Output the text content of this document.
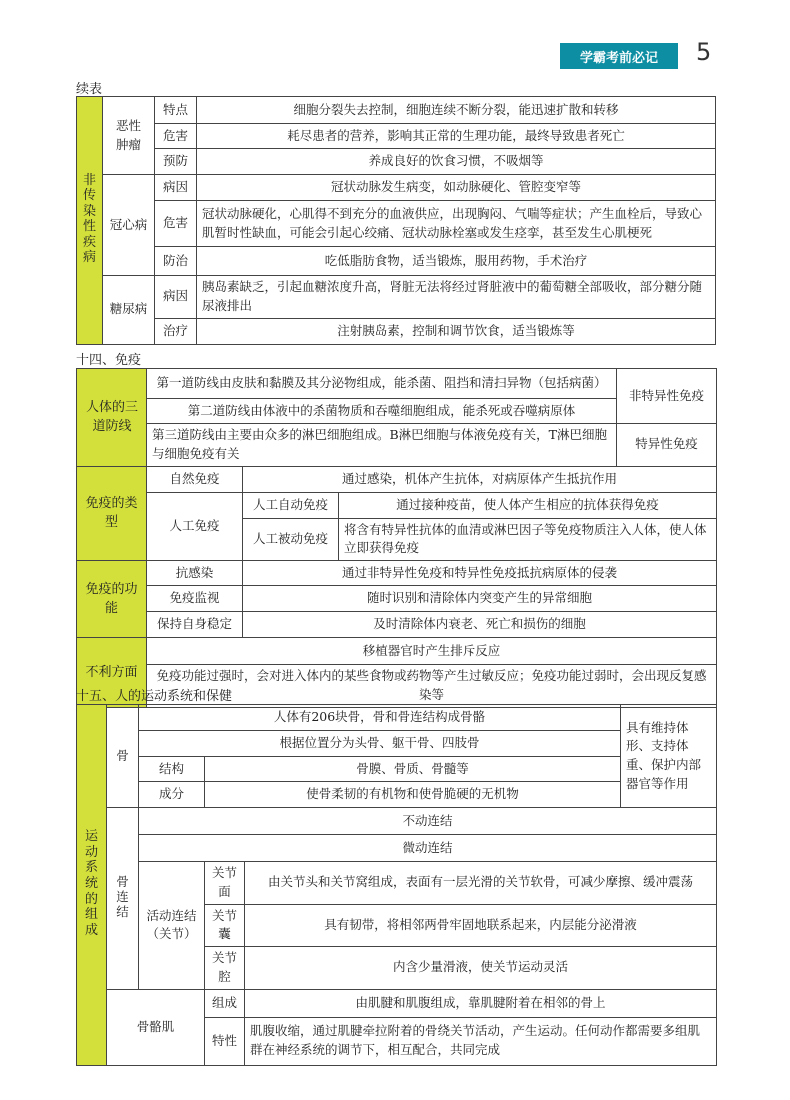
学霸考前必记	5
续表
非传染性疾病	恶性肿瘤	特点	细胞分裂失去控制，细胞连续不断分裂，能迅速扩散和转移
		危害	耗尽患者的营养，影响其正常的生理功能，最终导致患者死亡
		预防	养成良好的饮食习惯，不吸烟等
	冠心病	病因	冠状动脉发生病变，如动脉硬化、管腔变窄等
		危害	冠状动脉硬化，心肌得不到充分的血液供应，出现胸闷、气喘等症状；产生血栓后，导致心肌暂时性缺血，可能会引起心绞痛、冠状动脉栓塞或发生痉挛，甚至发生心肌梗死
		防治	吃低脂肪食物，适当锻炼，服用药物，手术治疗
	糖尿病	病因	胰岛素缺乏，引起血糖浓度升高，肾脏无法将经过肾脏液中的葡萄糖全部吸收，部分糖分随尿液排出
		治疗	注射胰岛素，控制和调节饮食，适当锻炼等
十四、免疫
人体的三道防线	第一道防线由皮肤和黏膜及其分泌物组成，能杀菌、阻挡和清扫异物（包括病菌）			非特异性免疫
	第二道防线由体液中的杀菌物质和吞噬细胞组成，能杀死或吞噬病原体			
	第三道防线由主要由众多的淋巴细胞组成。B淋巴细胞与体液免疫有关，T淋巴细胞与细胞免疫有关			特异性免疫
免疫的类型	自然免疫	通过感染，机体产生抗体，对病原体产生抵抗作用		
	人工免疫	人工自动免疫	通过接种疫苗，使人体产生相应的抗体获得免疫	
		人工被动免疫	将含有特异性抗体的血清或淋巴因子等免疫物质注入人体，使人体立即获得免疫	
免疫的功能	抗感染	通过非特异性免疫和特异性免疫抵抗病原体的侵袭		
	免疫监视	随时识别和清除体内突变产生的异常细胞		
	保持自身稳定	及时清除体内衰老、死亡和损伤的细胞		
不利方面	移植器官时产生排斥反应			
	免疫功能过强时，会对进入体内的某些食物或药物等产生过敏反应；免疫功能过弱时，会出现反复感染等			
十五、人的运动系统和保健
运动系统的组成	骨	人体有206块骨，骨和骨连结构成骨骼			具有维持体形、支持体重、保护内部器官等作用
		根据位置分为头骨、躯干骨、四肢骨			
		结构	骨膜、骨质、骨髓等		
		成分	使骨柔韧的有机物和使骨脆硬的无机物		
	骨连结	不动连结			
		微动连结			
		活动连结（关节）	关节面	由关节头和关节窝组成，表面有一层光滑的关节软骨，可减少摩擦、缓冲震荡	
			关节囊	具有韧带，将相邻两骨牢固地联系起来，内层能分泌滑液	
			关节腔	内含少量滑液，使关节运动灵活	
	骨骼肌		组成	由肌腱和肌腹组成，靠肌腱附着在相邻的骨上	
			特性	肌腹收缩，通过肌腱牵拉附着的骨绕关节活动，产生运动。任何动作都需要多组肌群在神经系统的调节下，相互配合，共同完成	
